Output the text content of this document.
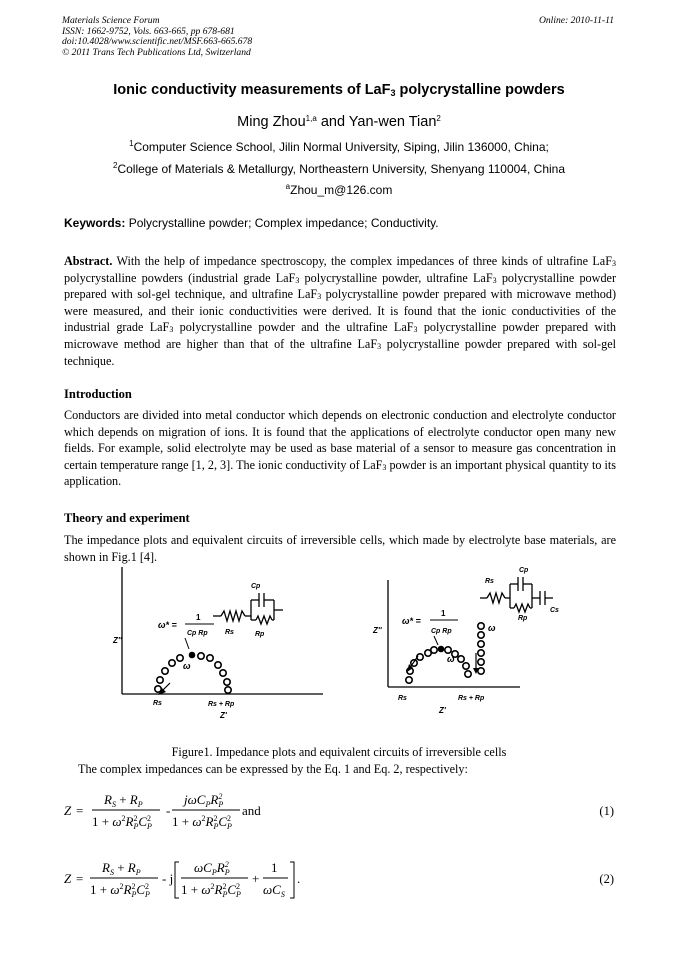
Materials Science Forum
ISSN: 1662-9752, Vols. 663-665, pp 678-681
doi:10.4028/www.scientific.net/MSF.663-665.678
© 2011 Trans Tech Publications Ltd, Switzerland
Online: 2010-11-11
Ionic conductivity measurements of LaF$_3$ polycrystalline powders
Ming Zhou$^{1,a}$ and Yan-wen Tian$^2$
$^1$Computer Science School, Jilin Normal University, Siping, Jilin 136000, China;
$^2$College of Materials & Metallurgy, Northeastern University, Shenyang 110004, China
$^a$Zhou_m@126.com
Keywords: Polycrystalline powder; Complex impedance; Conductivity.
Abstract. With the help of impedance spectroscopy, the complex impedances of three kinds of ultrafine LaF$_3$ polycrystalline powders (industrial grade LaF$_3$ polycrystalline powder, ultrafine LaF$_3$ polycrystalline powder prepared with sol-gel technique, and ultrafine LaF$_3$ polycrystalline powder prepared with microwave method) were measured, and their ionic conductivities were derived. It is found that the ionic conductivities of the industrial grade LaF$_3$ polycrystalline powder and the ultrafine LaF$_3$ polycrystalline powder prepared with microwave method are higher than that of the ultrafine LaF$_3$ polycrystalline powder prepared with sol-gel technique.
Introduction
Conductors are divided into metal conductor which depends on electronic conduction and electrolyte conductor which depends on migration of ions. It is found that the applications of electrolyte conductor open many new fields. For example, solid electrolyte may be used as base material of a sensor to measure gas concentration in certain temperature range [1, 2, 3]. The ionic conductivity of LaF$_3$ powder is an important physical quantity to its application.
Theory and experiment
The impedance plots and equivalent circuits of irreversible cells, which made by electrolyte base materials, are shown in Fig.1 [4].
Z''
Z'
Rs	Rs + Rp
ω
ω* =
1
Cp Rp
Cp
Rs	Rp	Z''
Z'
Rs	Rs + Rp
ω
ω
ω* =
1
Cp Rp
Cp
Rs
Rp
Cs
Figure1. Impedance plots and equivalent circuits of irreversible cells
The complex impedances can be expressed by the Eq. 1 and Eq. 2, respectively:
Z =
$R_S + R_P$
$1 + \omega^2R^2$ $PC^2$ P
-
$j\omega C_PR^2$ P
$1 + \omega^2R^2$ $PC^2$ P
and	(1)
Z =
$R_S + R_P$
$1 + \omega^2R^2$ $PC^2$ P
- j
$\omega C_PR^2$ P
$1 + \omega^2R^2$ $PC^2$ P
+
1
$\omega C_S$
.	(2)
